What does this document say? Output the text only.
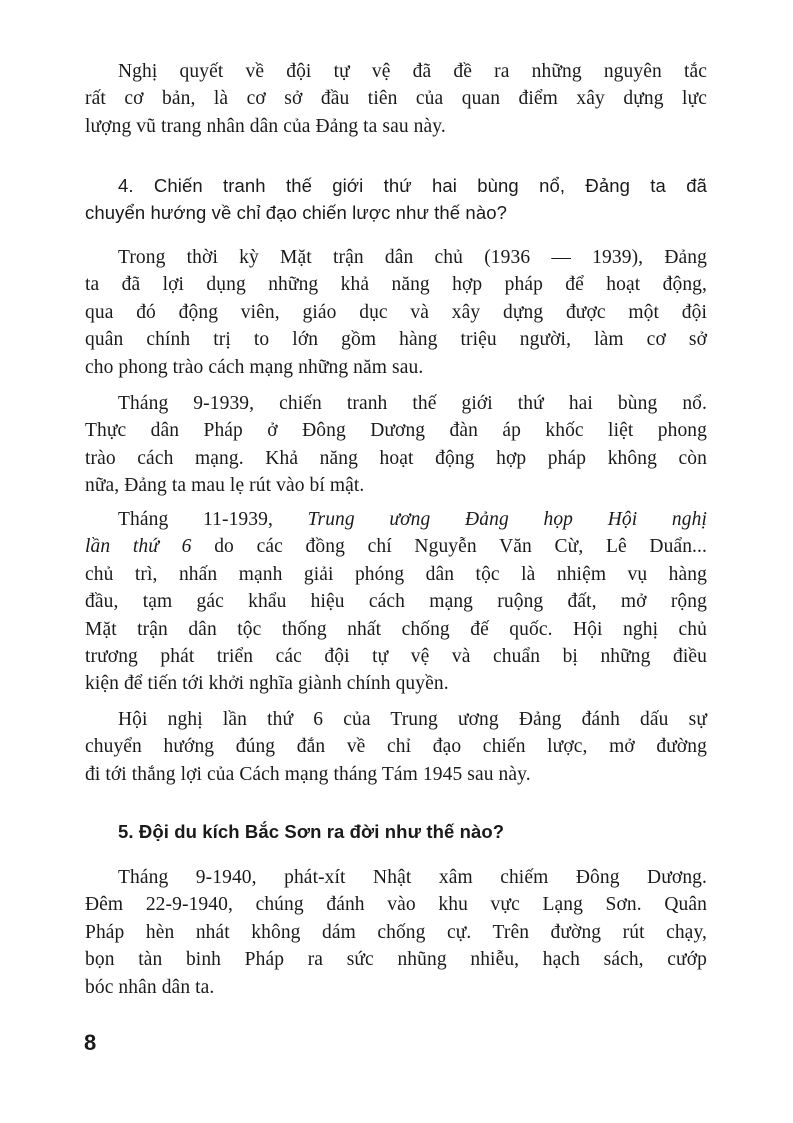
Nghị quyết về đội tự vệ đã đề ra những nguyên tắc
rất cơ bản, là cơ sở đầu tiên của quan điểm xây dựng lực
lượng vũ trang nhân dân của Đảng ta sau này.
4. Chiến tranh thế giới thứ hai bùng nổ, Đảng ta đã
chuyển hướng về chỉ đạo chiến lược như thế nào?
Trong thời kỳ Mặt trận dân chủ (1936 — 1939), Đảng
ta đã lợi dụng những khả năng hợp pháp để hoạt động,
qua đó động viên, giáo dục và xây dựng được một đội
quân chính trị to lớn gồm hàng triệu người, làm cơ sở
cho phong trào cách mạng những năm sau.
Tháng 9-1939, chiến tranh thế giới thứ hai bùng nổ.
Thực dân Pháp ở Đông Dương đàn áp khốc liệt phong
trào cách mạng. Khả năng hoạt động hợp pháp không còn
nữa, Đảng ta mau lẹ rút vào bí mật.
Tháng 11-1939, Trung ương Đảng họp Hội nghị
lần thứ 6 do các đồng chí Nguyễn Văn Cừ, Lê Duẩn...
chủ trì, nhấn mạnh giải phóng dân tộc là nhiệm vụ hàng
đầu, tạm gác khẩu hiệu cách mạng ruộng đất, mở rộng
Mặt trận dân tộc thống nhất chống đế quốc. Hội nghị chủ
trương phát triển các đội tự vệ và chuẩn bị những điều
kiện để tiến tới khởi nghĩa giành chính quyền.
Hội nghị lần thứ 6 của Trung ương Đảng đánh dấu sự
chuyển hướng đúng đắn về chỉ đạo chiến lược, mở đường
đi tới thắng lợi của Cách mạng tháng Tám 1945 sau này.
5. Đội du kích Bắc Sơn ra đời như thế nào?
Tháng 9-1940, phát-xít Nhật xâm chiếm Đông Dương.
Đêm 22-9-1940, chúng đánh vào khu vực Lạng Sơn. Quân
Pháp hèn nhát không dám chống cự. Trên đường rút chạy,
bọn tàn binh Pháp ra sức nhũng nhiễu, hạch sách, cướp
bóc nhân dân ta.
8
